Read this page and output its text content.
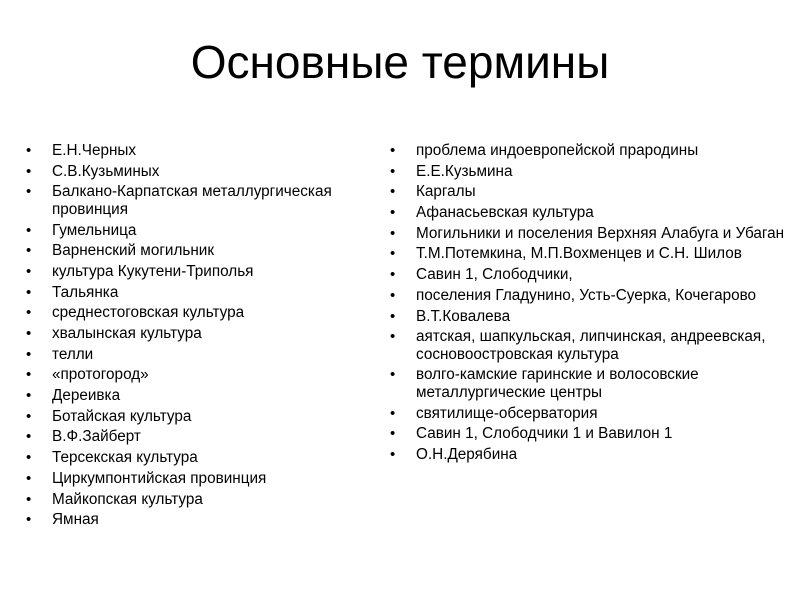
Основные термины
• Е.Н.Черных
• С.В.Кузьминых
• Балкано-Карпатская металлургическая провинция
• Гумельница
• Варненский могильник
• культура Кукутени-Триполья
• Тальянка
• среднестоговская культура
• хвалынская культура
• телли
• «протогород»
• Дереивка
• Ботайская культура
• В.Ф.Зайберт
• Терсекская культура
• Циркумпонтийская провинция
• Майкопская культура
• Ямная
• проблема индоевропейской прародины
• Е.Е.Кузьмина
• Каргалы
• Афанасьевская культура
• Могильники и поселения Верхняя Алабуга и Убаган
• Т.М.Потемкина, М.П.Вохменцев и С.Н. Шилов
• Савин 1, Слободчики,
• поселения Гладунино, Усть-Суерка, Кочегарово
• В.Т.Ковалева
• аятская, шапкульская, липчинская, андреевская, сосновоостровская культура
• волго-камские гаринские и волосовские металлургические центры
• святилище-обсерватория
• Савин 1, Слободчики 1 и Вавилон 1
• О.Н.Дерябина
